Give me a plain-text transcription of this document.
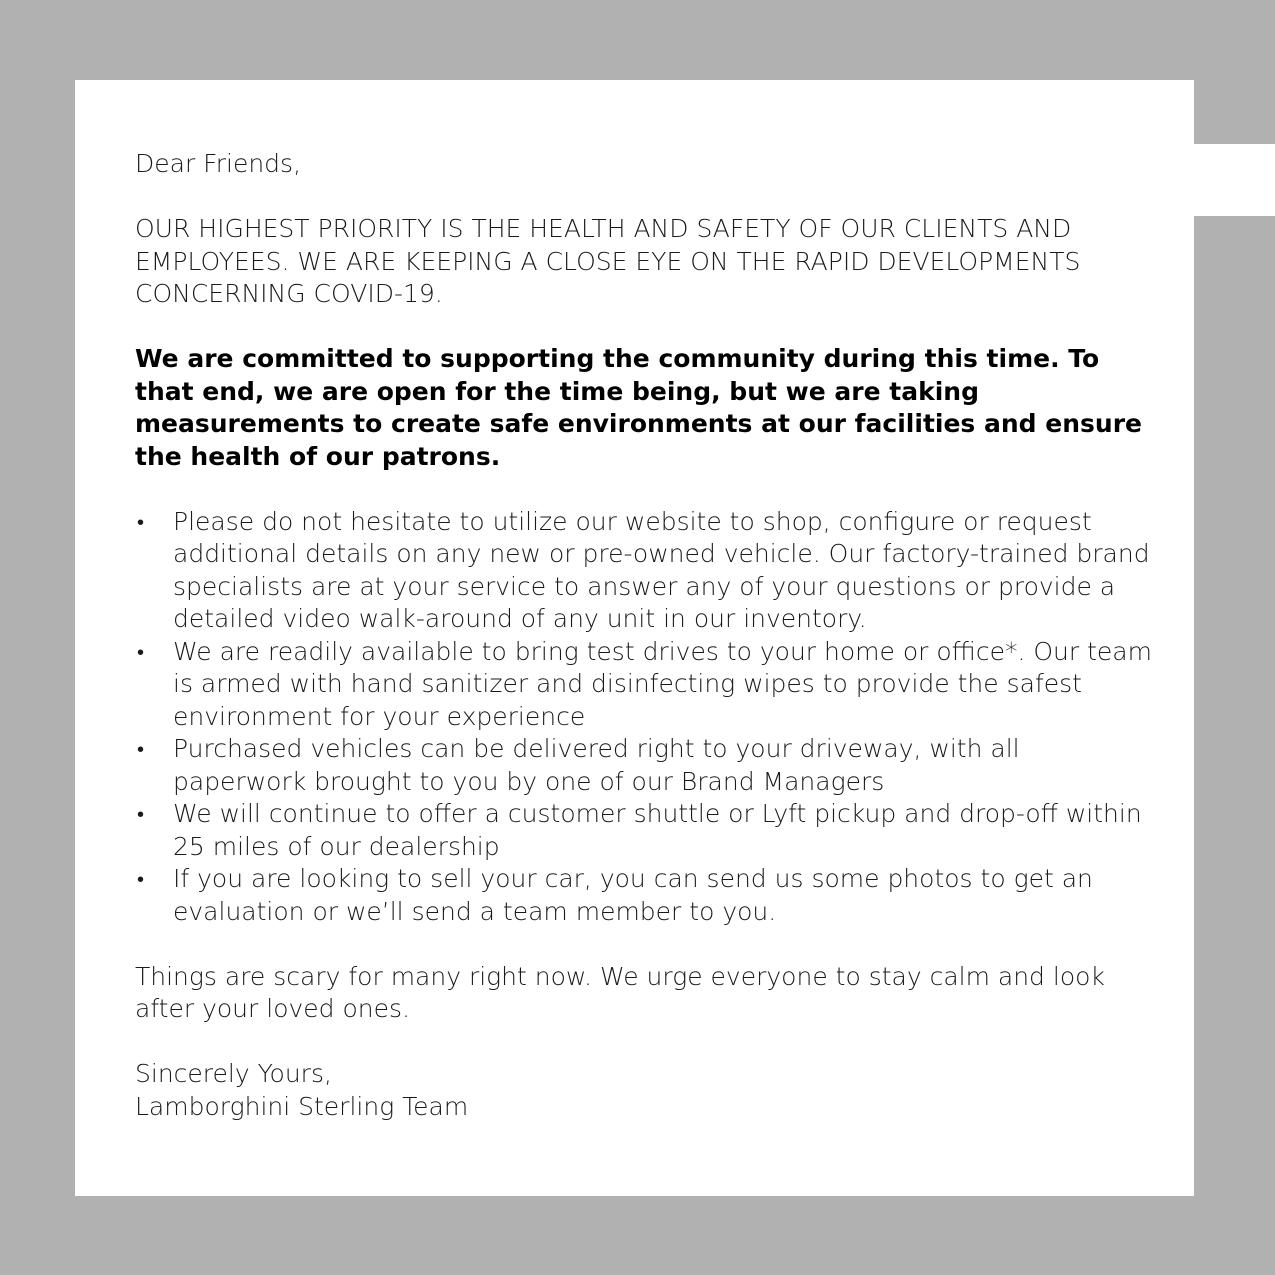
Dear Friends,

OUR HIGHEST PRIORITY IS THE HEALTH AND SAFETY OF OUR CLIENTS AND EMPLOYEES. WE ARE KEEPING A CLOSE EYE ON THE RAPID DEVELOPMENTS CONCERNING COVID-19.

We are committed to supporting the community during this time. To that end, we are open for the time being, but we are taking measurements to create safe environments at our facilities and ensure the health of our patrons.

• Please do not hesitate to utilize our website to shop, configure or request additional details on any new or pre-owned vehicle. Our factory-trained brand specialists are at your service to answer any of your questions or provide a detailed video walk-around of any unit in our inventory.
• We are readily available to bring test drives to your home or office*. Our team is armed with hand sanitizer and disinfecting wipes to provide the safest environment for your experience
• Purchased vehicles can be delivered right to your driveway, with all paperwork brought to you by one of our Brand Managers
• We will continue to offer a customer shuttle or Lyft pickup and drop-off within 25 miles of our dealership
• If you are looking to sell your car, you can send us some photos to get an evaluation or we’ll send a team member to you.

Things are scary for many right now. We urge everyone to stay calm and look after your loved ones.

Sincerely Yours,

Lamborghini Sterling Team
